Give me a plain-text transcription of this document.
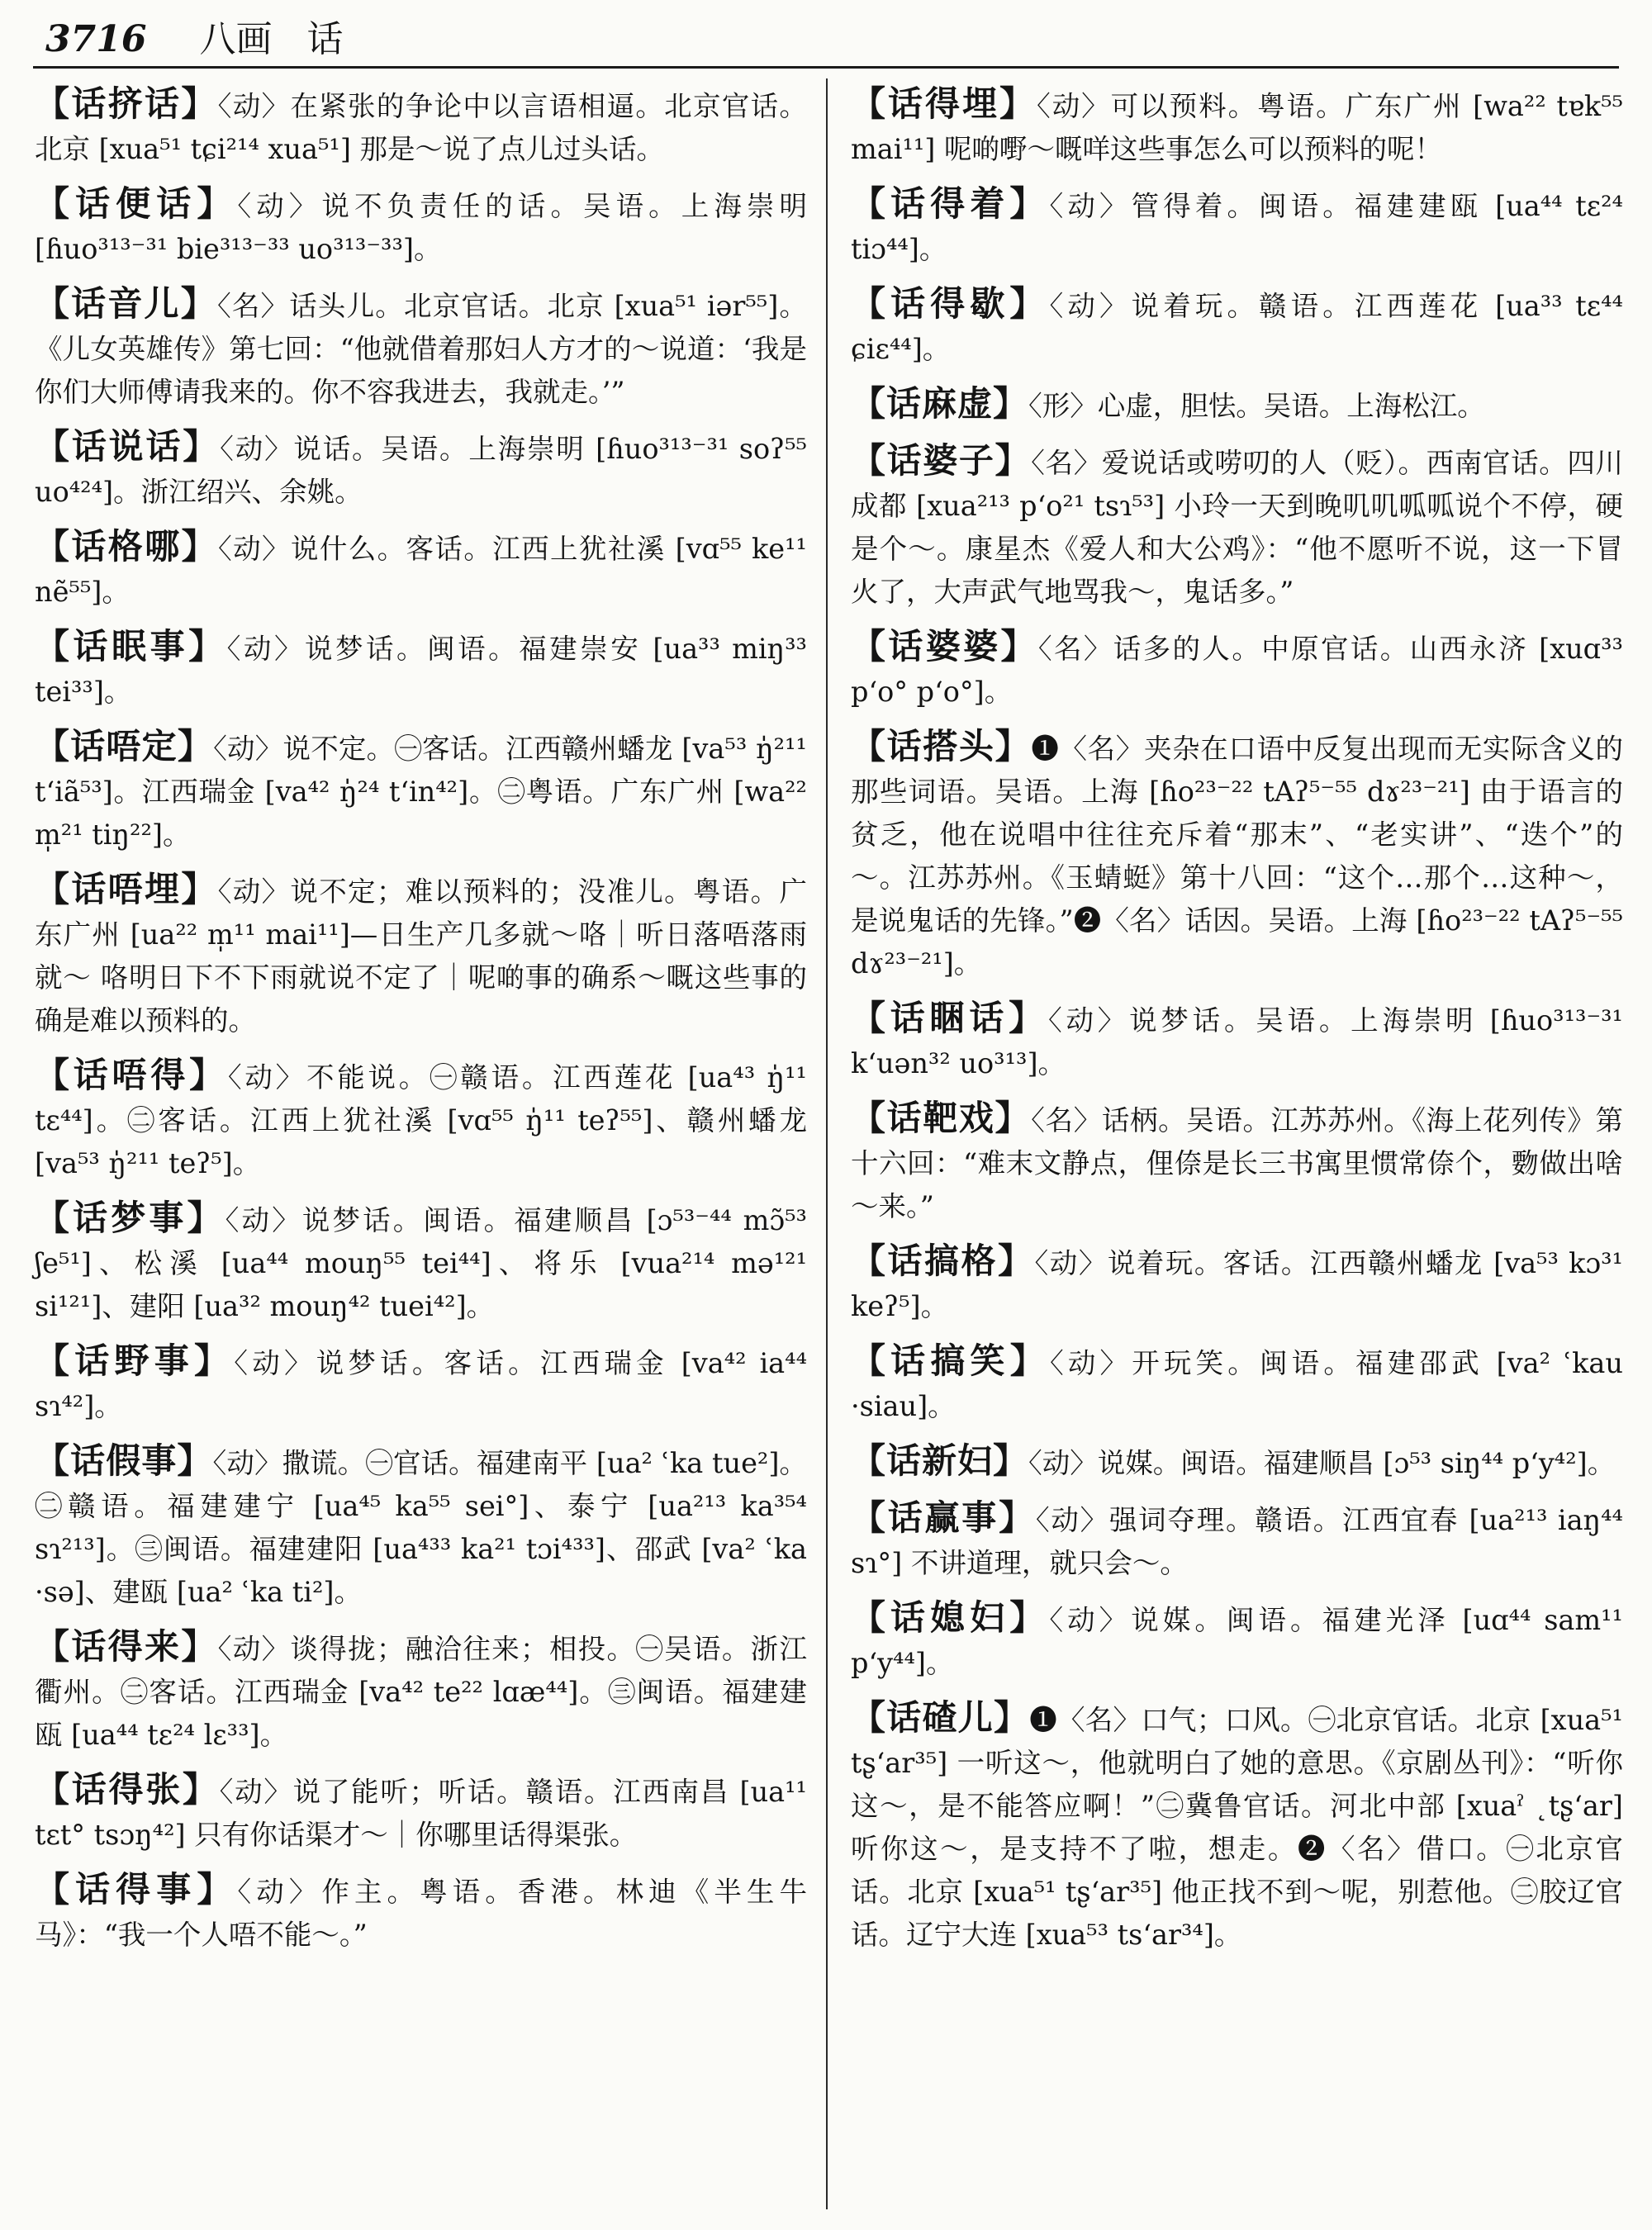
3716 八画 话
【话挤话】〈动〉在紧张的争论中以言语相逼。北京官话。北京 [xua⁵¹ tɕi²¹⁴ xua⁵¹] 那是～说了点儿过头话。
【话便话】〈动〉说不负责任的话。吴语。上海崇明 [ɦuo³¹³⁻³¹ bie³¹³⁻³³ uo³¹³⁻³³]。
【话音儿】〈名〉话头儿。北京官话。北京 [xua⁵¹ iər⁵⁵]。《儿女英雄传》第七回：“他就借着那妇人方才的～说道：‘我是你们大师傅请我来的。你不容我进去，我就走。’”
【话说话】〈动〉说话。吴语。上海崇明 [ɦuo³¹³⁻³¹ soʔ⁵⁵ uo⁴²⁴]。浙江绍兴、余姚。
【话格哪】〈动〉说什么。客话。江西上犹社溪 [vɑ⁵⁵ ke¹¹ nẽ⁵⁵]。
【话眠事】〈动〉说梦话。闽语。福建崇安 [ua³³ miŋ³³ tei³³]。
【话唔定】〈动〉说不定。㊀客话。江西赣州蟠龙 [va⁵³ ŋ̍²¹¹ tʻiã⁵³]。江西瑞金 [va⁴² ŋ̍²⁴ tʻin⁴²]。㊁粤语。广东广州 [wa²² m̩²¹ tiŋ²²]。
【话唔埋】〈动〉说不定；难以预料的；没准儿。粤语。广东广州 [ua²² m̩¹¹ mai¹¹]—日生产几多就～咯｜听日落唔落雨就～ 咯明日下不下雨就说不定了｜呢啲事的确系～嘅这些事的确是难以预料的。
【话唔得】〈动〉不能说。㊀赣语。江西莲花 [ua⁴³ ŋ̍¹¹ tɛ⁴⁴]。㊁客话。江西上犹社溪 [vɑ⁵⁵ ŋ̍¹¹ teʔ⁵⁵]、赣州蟠龙 [va⁵³ ŋ̍²¹¹ teʔ⁵]。
【话梦事】〈动〉说梦话。闽语。福建顺昌 [ɔ⁵³⁻⁴⁴ mɔ̃⁵³ ʃe⁵¹]、松溪 [ua⁴⁴ mouŋ⁵⁵ tei⁴⁴]、将乐 [vua²¹⁴ mə¹²¹ si¹²¹]、建阳 [ua³² mouŋ⁴² tuei⁴²]。
【话野事】〈动〉说梦话。客话。江西瑞金 [va⁴² ia⁴⁴ sɿ⁴²]。
【话假事】〈动〉撒谎。㊀官话。福建南平 [ua² ʿka tue²]。㊁赣语。福建建宁 [ua⁴⁵ ka⁵⁵ sei°]、泰宁 [ua²¹³ ka³⁵⁴ sɿ²¹³]。㊂闽语。福建建阳 [ua⁴³³ ka²¹ tɔi⁴³³]、邵武 [va² ʿka ·sə]、建瓯 [ua² ʿka ti²]。
【话得来】〈动〉谈得拢；融洽往来；相投。㊀吴语。浙江衢州。㊁客话。江西瑞金 [va⁴² te²² lɑæ⁴⁴]。㊂闽语。福建建瓯 [ua⁴⁴ tɛ²⁴ lɛ³³]。
【话得张】〈动〉说了能听；听话。赣语。江西南昌 [ua¹¹ tɛt° tsɔŋ⁴²] 只有你话渠才～｜你哪里话得渠张。
【话得事】〈动〉作主。粤语。香港。林迪《半生牛马》：“我一个人唔不能～。”
【话得埋】〈动〉可以预料。粤语。广东广州 [wa²² tɐk⁵⁵ mai¹¹] 呢啲嘢～嘅咩这些事怎么可以预料的呢！
【话得着】〈动〉管得着。闽语。福建建瓯 [ua⁴⁴ tɛ²⁴ tiɔ⁴⁴]。
【话得歇】〈动〉说着玩。赣语。江西莲花 [ua³³ tɛ⁴⁴ ɕiɛ⁴⁴]。
【话麻虚】〈形〉心虚，胆怯。吴语。上海松江。
【话婆子】〈名〉爱说话或唠叨的人（贬）。西南官话。四川成都 [xua²¹³ pʻo²¹ tsɿ⁵³] 小玲一天到晚叽叽呱呱说个不停，硬是个～。康星杰《爱人和大公鸡》：“他不愿听不说，这一下冒火了，大声武气地骂我～，鬼话多。”
【话婆婆】〈名〉话多的人。中原官话。山西永济 [xuɑ³³ pʻo° pʻo°]。
【话搭头】❶〈名〉夹杂在口语中反复出现而无实际含义的那些词语。吴语。上海 [ɦo²³⁻²² tAʔ⁵⁻⁵⁵ dɤ²³⁻²¹] 由于语言的贫乏，他在说唱中往往充斥着“那末”、“老实讲”、“迭个”的～。江苏苏州。《玉蜻蜓》第十八回：“这个…那个…这种～，是说鬼话的先锋。”❷〈名〉话因。吴语。上海 [ɦo²³⁻²² tAʔ⁵⁻⁵⁵ dɤ²³⁻²¹]。
【话睏话】〈动〉说梦话。吴语。上海崇明 [ɦuo³¹³⁻³¹ kʻuən³² uo³¹³]。
【话靶戏】〈名〉话柄。吴语。江苏苏州。《海上花列传》第十六回：“难末文静点，俚倷是长三书寓里惯常倷个，覅做出啥～来。”
【话搞格】〈动〉说着玩。客话。江西赣州蟠龙 [va⁵³ kɔ³¹ keʔ⁵]。
【话搞笑】〈动〉开玩笑。闽语。福建邵武 [va² ʿkau ·siau]。
【话新妇】〈动〉说媒。闽语。福建顺昌 [ɔ⁵³ siŋ⁴⁴ pʻy⁴²]。
【话赢事】〈动〉强词夺理。赣语。江西宜春 [ua²¹³ iaŋ⁴⁴ sɿ°] 不讲道理，就只会～。
【话媳妇】〈动〉说媒。闽语。福建光泽 [uɑ⁴⁴ sam¹¹ pʻy⁴⁴]。
【话碴儿】❶〈名〉口气；口风。㊀北京官话。北京 [xua⁵¹ tʂʻar³⁵] 一听这～，他就明白了她的意思。《京剧丛刊》：“听你这～，是不能答应啊！”㊁冀鲁官话。河北中部 [xuaˀ ˛tʂʻar] 听你这～，是支持不了啦，想走。❷〈名〉借口。㊀北京官话。北京 [xua⁵¹ tʂʻar³⁵] 他正找不到～呢，别惹他。㊁胶辽官话。辽宁大连 [xua⁵³ tsʻar³⁴]。
